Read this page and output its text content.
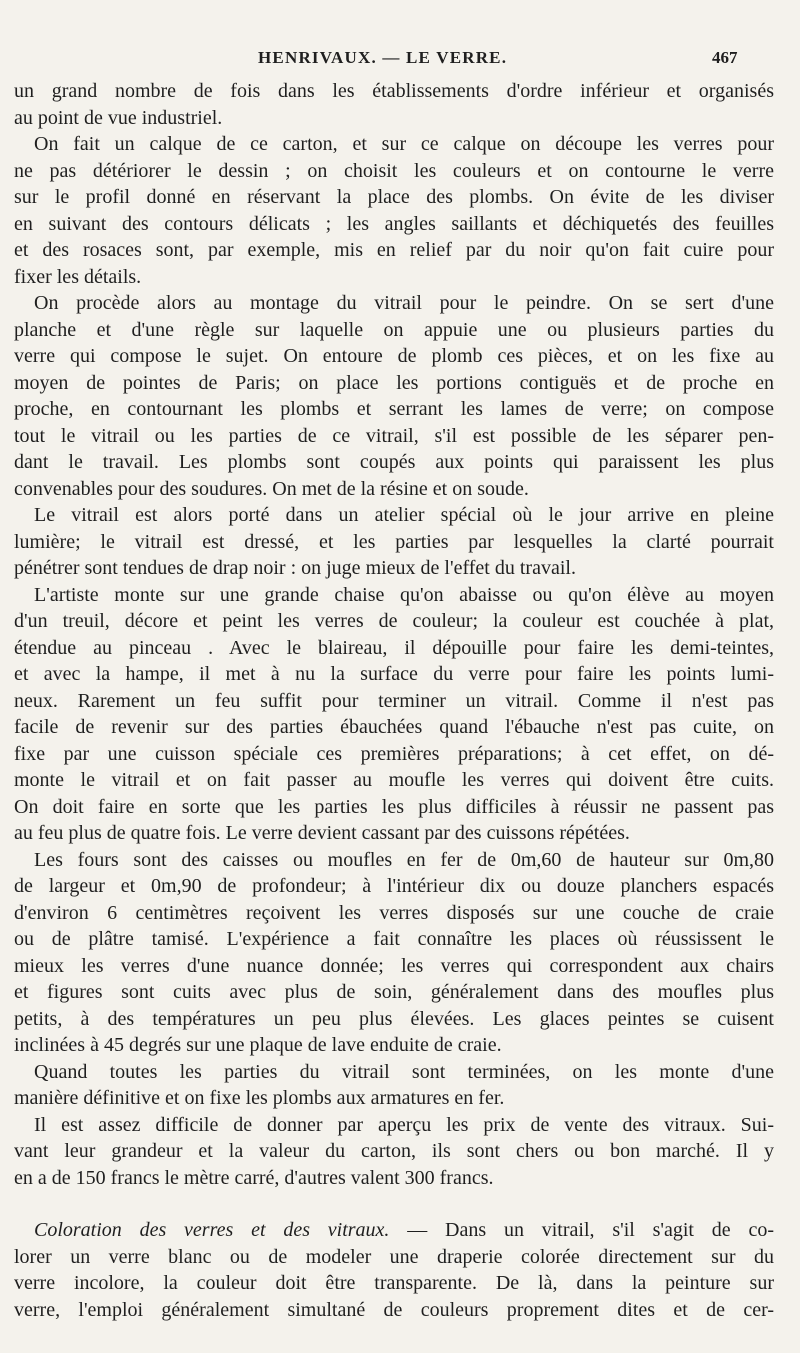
HENRIVAUX. — LE VERRE.	467
un grand nombre de fois dans les établissements d'ordre inférieur et organisés
au point de vue industriel.
On fait un calque de ce carton, et sur ce calque on découpe les verres pour
ne pas détériorer le dessin ; on choisit les couleurs et on contourne le verre
sur le profil donné en réservant la place des plombs. On évite de les diviser
en suivant des contours délicats ; les angles saillants et déchiquetés des feuilles
et des rosaces sont, par exemple, mis en relief par du noir qu'on fait cuire pour
fixer les détails.
On procède alors au montage du vitrail pour le peindre. On se sert d'une
planche et d'une règle sur laquelle on appuie une ou plusieurs parties du
verre qui compose le sujet. On entoure de plomb ces pièces, et on les fixe au
moyen de pointes de Paris; on place les portions contiguës et de proche en
proche, en contournant les plombs et serrant les lames de verre; on compose
tout le vitrail ou les parties de ce vitrail, s'il est possible de les séparer pen-
dant le travail. Les plombs sont coupés aux points qui paraissent les plus
convenables pour des soudures. On met de la résine et on soude.
Le vitrail est alors porté dans un atelier spécial où le jour arrive en pleine
lumière; le vitrail est dressé, et les parties par lesquelles la clarté pourrait
pénétrer sont tendues de drap noir : on juge mieux de l'effet du travail.
L'artiste monte sur une grande chaise qu'on abaisse ou qu'on élève au moyen
d'un treuil, décore et peint les verres de couleur; la couleur est couchée à plat,
étendue au pinceau . Avec le blaireau, il dépouille pour faire les demi-teintes,
et avec la hampe, il met à nu la surface du verre pour faire les points lumi-
neux. Rarement un feu suffit pour terminer un vitrail. Comme il n'est pas
facile de revenir sur des parties ébauchées quand l'ébauche n'est pas cuite, on
fixe par une cuisson spéciale ces premières préparations; à cet effet, on dé-
monte le vitrail et on fait passer au moufle les verres qui doivent être cuits.
On doit faire en sorte que les parties les plus difficiles à réussir ne passent pas
au feu plus de quatre fois. Le verre devient cassant par des cuissons répétées.
Les fours sont des caisses ou moufles en fer de 0m,60 de hauteur sur 0m,80
de largeur et 0m,90 de profondeur; à l'intérieur dix ou douze planchers espacés
d'environ 6 centimètres reçoivent les verres disposés sur une couche de craie
ou de plâtre tamisé. L'expérience a fait connaître les places où réussissent le
mieux les verres d'une nuance donnée; les verres qui correspondent aux chairs
et figures sont cuits avec plus de soin, généralement dans des moufles plus
petits, à des températures un peu plus élevées. Les glaces peintes se cuisent
inclinées à 45 degrés sur une plaque de lave enduite de craie.
Quand toutes les parties du vitrail sont terminées, on les monte d'une
manière définitive et on fixe les plombs aux armatures en fer.
Il est assez difficile de donner par aperçu les prix de vente des vitraux. Sui-
vant leur grandeur et la valeur du carton, ils sont chers ou bon marché. Il y
en a de 150 francs le mètre carré, d'autres valent 300 francs.
Coloration des verres et des vitraux. — Dans un vitrail, s'il s'agit de co-
lorer un verre blanc ou de modeler une draperie colorée directement sur du
verre incolore, la couleur doit être transparente. De là, dans la peinture sur
verre, l'emploi généralement simultané de couleurs proprement dites et de cer-
